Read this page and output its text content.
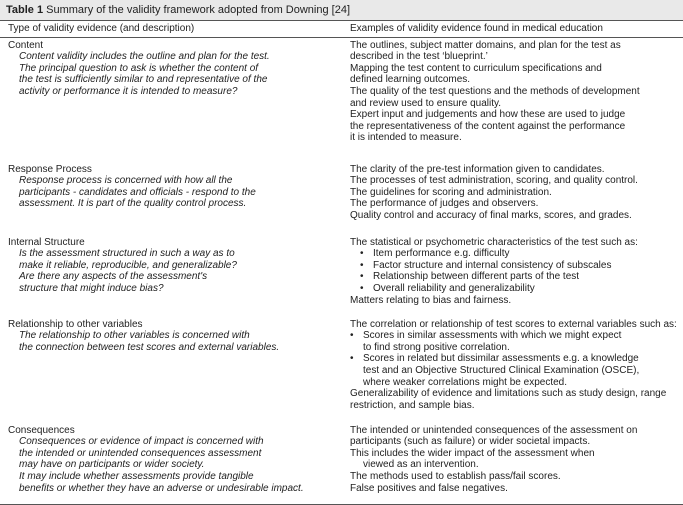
Table 1 Summary of the validity framework adopted from Downing [24]
Type of validity evidence (and description)	Examples of validity evidence found in medical education
Content
Content validity includes the outline and plan for the test.
The principal question to ask is whether the content of
the test is sufficiently similar to and representative of the
activity or performance it is intended to measure?
The outlines, subject matter domains, and plan for the test as
described in the test ‘blueprint.’
Mapping the test content to curriculum specifications and
defined learning outcomes.
The quality of the test questions and the methods of development
and review used to ensure quality.
Expert input and judgements and how these are used to judge
the representativeness of the content against the performance
it is intended to measure.
Response Process
Response process is concerned with how all the
participants - candidates and officials - respond to the
assessment. It is part of the quality control process.
The clarity of the pre-test information given to candidates.
The processes of test administration, scoring, and quality control.
The guidelines for scoring and administration.
The performance of judges and observers.
Quality control and accuracy of final marks, scores, and grades.
Internal Structure
Is the assessment structured in such a way as to
make it reliable, reproducible, and generalizable?
Are there any aspects of the assessment's
structure that might induce bias?
The statistical or psychometric characteristics of the test such as:
• Item performance e.g. difficulty
• Factor structure and internal consistency of subscales
• Relationship between different parts of the test
• Overall reliability and generalizability
Matters relating to bias and fairness.
Relationship to other variables
The relationship to other variables is concerned with
the connection between test scores and external variables.
The correlation or relationship of test scores to external variables such as:
• Scores in similar assessments with which we might expect
to find strong positive correlation.
• Scores in related but dissimilar assessments e.g. a knowledge
test and an Objective Structured Clinical Examination (OSCE),
where weaker correlations might be expected.
Generalizability of evidence and limitations such as study design, range
restriction, and sample bias.
Consequences
Consequences or evidence of impact is concerned with
the intended or unintended consequences assessment
may have on participants or wider society.
It may include whether assessments provide tangible
benefits or whether they have an adverse or undesirable impact.
The intended or unintended consequences of the assessment on
participants (such as failure) or wider societal impacts.
This includes the wider impact of the assessment when
viewed as an intervention.
The methods used to establish pass/fail scores.
False positives and false negatives.
